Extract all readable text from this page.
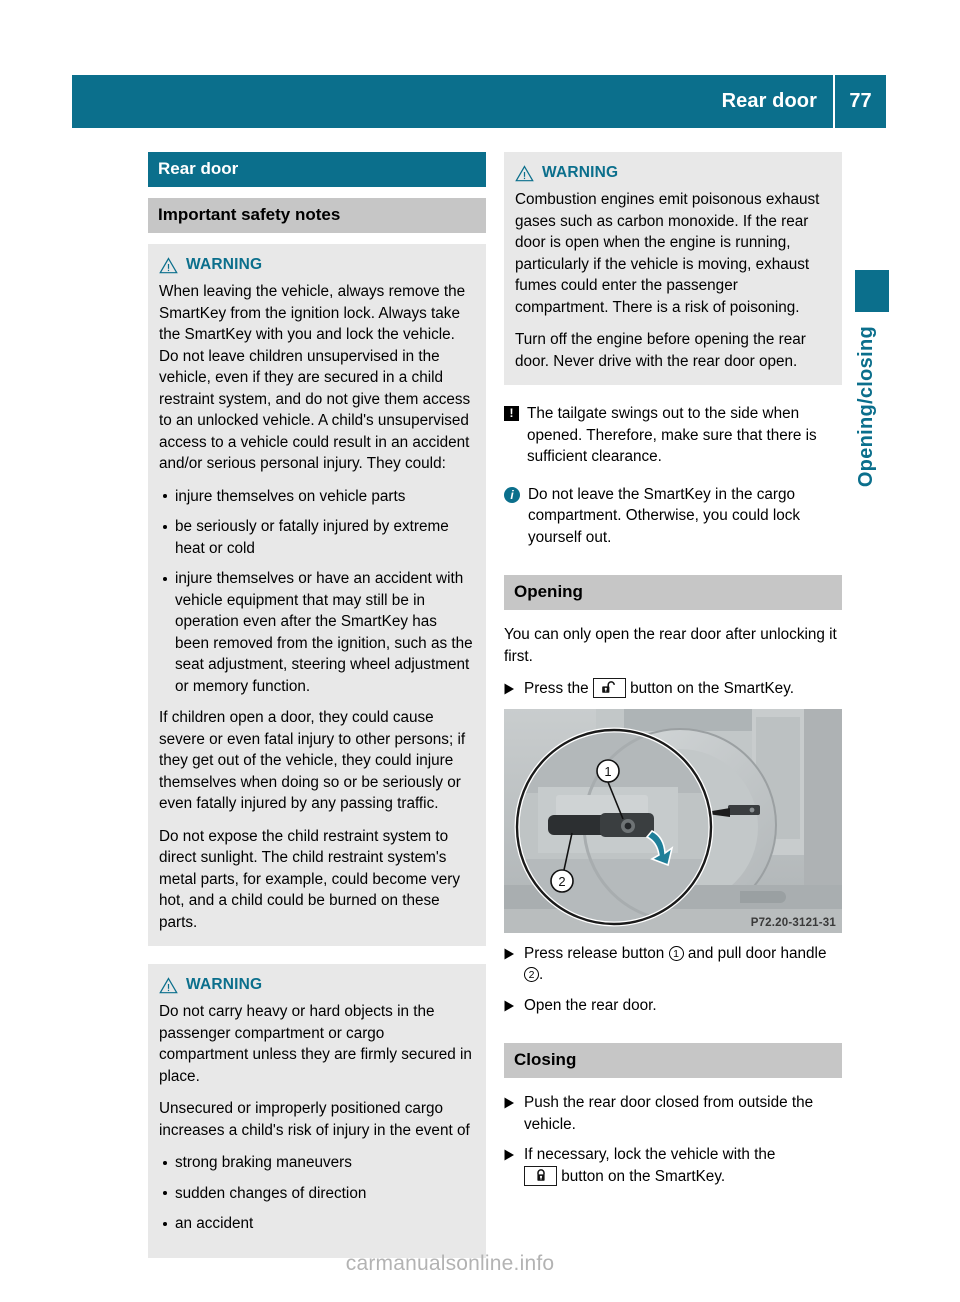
Rear door 77
Opening/closing
Rear door
Important safety notes
WARNING

When leaving the vehicle, always remove the SmartKey from the ignition lock. Always take the SmartKey with you and lock the vehicle. Do not leave children unsupervised in the vehicle, even if they are secured in a child restraint system, and do not give them access to an unlocked vehicle. A child's unsupervised access to a vehicle could result in an accident and/or serious personal injury. They could:

injure themselves on vehicle parts
be seriously or fatally injured by extreme heat or cold
injure themselves or have an accident with vehicle equipment that may still be in operation even after the SmartKey has been removed from the ignition, such as the seat adjustment, steering wheel adjustment or memory function.

If children open a door, they could cause severe or even fatal injury to other persons; if they get out of the vehicle, they could injure themselves when doing so or be seriously or even fatally injured by any passing traffic.

Do not expose the child restraint system to direct sunlight. The child restraint system's metal parts, for example, could become very hot, and a child could be burned on these parts.

WARNING

Do not carry heavy or hard objects in the passenger compartment or cargo compartment unless they are firmly secured in place.

Unsecured or improperly positioned cargo increases a child's risk of injury in the event of

strong braking maneuvers
sudden changes of direction
an accident
WARNING

Combustion engines emit poisonous exhaust gases such as carbon monoxide. If the rear door is open when the engine is running, particularly if the vehicle is moving, exhaust fumes could enter the passenger compartment. There is a risk of poisoning.

Turn off the engine before opening the rear door. Never drive with the rear door open.

! The tailgate swings out to the side when opened. Therefore, make sure that there is sufficient clearance.
i Do not leave the SmartKey in the cargo compartment. Otherwise, you could lock yourself out.
Opening

You can only open the rear door after unlocking it first.

Press the	button on the SmartKey.
1
2
P72.20-3121-31
Press release button 1 and pull door handle 2 .
Open the rear door.
Closing
Push the rear door closed from outside the vehicle.
If necessary, lock the vehicle with the

button on the SmartKey.
carmanualsonline.info
